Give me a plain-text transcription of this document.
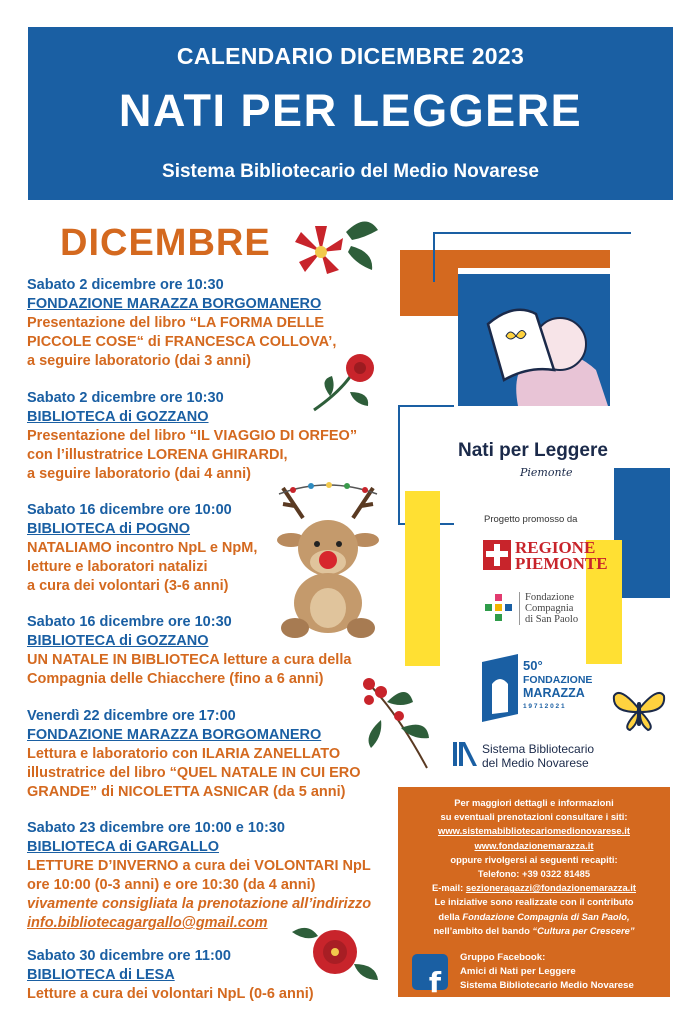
CALENDARIO DICEMBRE 2023
NATI PER LEGGERE
Sistema Bibliotecario del Medio Novarese
DICEMBRE
Sabato 2 dicembre ore 10:30
FONDAZIONE MARAZZA BORGOMANERO
Presentazione del libro “LA FORMA DELLE
PICCOLE COSE“ di FRANCESCA COLLOVA’,
a seguire laboratorio (dai 3 anni)
Sabato 2 dicembre ore 10:30
BIBLIOTECA di GOZZANO
Presentazione del libro “IL VIAGGIO DI ORFEO”
con l’illustratrice LORENA GHIRARDI,
a seguire laboratorio (dai 4 anni)
Sabato 16 dicembre ore 10:00
BIBLIOTECA di POGNO
NATALIAMO incontro NpL e NpM,
letture e laboratori natalizi
a cura dei volontari (3-6 anni)
Sabato 16 dicembre ore 10:30
BIBLIOTECA di GOZZANO
UN NATALE IN BIBLIOTECA letture a cura della
Compagnia delle Chiacchere (fino a 6 anni)
Venerdì 22 dicembre ore 17:00
FONDAZIONE MARAZZA BORGOMANERO
Lettura e laboratorio con ILARIA ZANELLATO
illustratrice del libro “QUEL NATALE IN CUI ERO
GRANDE” di NICOLETTA ASNICAR (da 5 anni)
Sabato 23 dicembre ore 10:00 e 10:30
BIBLIOTECA di GARGALLO
LETTURE D’INVERNO a cura dei VOLONTARI NpL
ore 10:00 (0-3 anni) e ore 10:30 (da 4 anni)
vivamente consigliata la prenotazione all’indirizzo
info.bibliotecagargallo@gmail.com
Sabato 30 dicembre ore 11:00
BIBLIOTECA di LESA
Letture a cura dei volontari NpL (0-6 anni)
Nati per Leggere
Piemonte
Progetto promosso da
REGIONE
PIEMONTE
Fondazione
Compagnia
di San Paolo
50°
FONDAZIONE
MARAZZA
1 9 7 1 2 0 2 1
Sistema Bibliotecario
del Medio Novarese
Per maggiori dettagli e informazioni
su eventuali prenotazioni consultare i siti:
www.sistemabibliotecariomedionovarese.it
www.fondazionemarazza.it
oppure rivolgersi ai seguenti recapiti:
Telefono: +39 0322 81485
E-mail: sezioneragazzi@fondazionemarazza.it
Le iniziative sono realizzate con il contributo
della Fondazione Compagnia di San Paolo,
nell’ambito del bando “Cultura per Crescere”
f
Gruppo Facebook:
Amici di Nati per Leggere
Sistema Bibliotecario Medio Novarese
